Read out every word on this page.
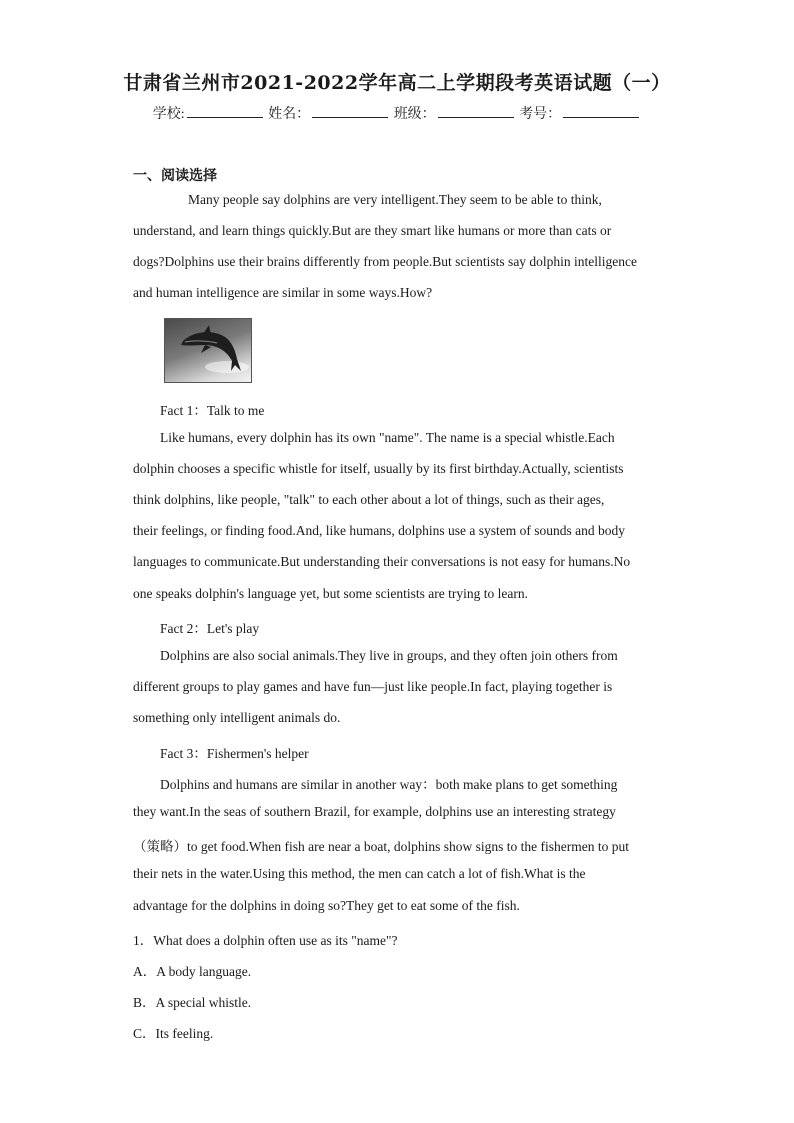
甘肃省兰州市2021-2022学年高二上学期段考英语试题（一）
学校:	姓名：	班级：	考号：
一、阅读选择
Many people say dolphins are very intelligent.They seem to be able to think,
understand, and learn things quickly.But are they smart like humans or more than cats or
dogs?Dolphins use their brains differently from people.But scientists say dolphin intelligence
and human intelligence are similar in some ways.How?
Fact 1：Talk to me
Like humans, every dolphin has its own "name". The name is a special whistle.Each
dolphin chooses a specific whistle for itself, usually by its first birthday.Actually, scientists
think dolphins, like people, "talk" to each other about a lot of things, such as their ages,
their feelings, or finding food.And, like humans, dolphins use a system of sounds and body
languages to communicate.But understanding their conversations is not easy for humans.No
one speaks dolphin's language yet, but some scientists are trying to learn.
Fact 2：Let's play
Dolphins are also social animals.They live in groups, and they often join others from
different groups to play games and have fun—just like people.In fact, playing together is
something only intelligent animals do.
Fact 3：Fishermen's helper
Dolphins and humans are similar in another way：both make plans to get something
they want.In the seas of southern Brazil, for example, dolphins use an interesting strategy
（策略）to get food.When fish are near a boat, dolphins show signs to the fishermen to put
their nets in the water.Using this method, the men can catch a lot of fish.What is the
advantage for the dolphins in doing so?They get to eat some of the fish.
1．What does a dolphin often use as its "name"?
A．A body language.
B．A special whistle.
C．Its feeling.
